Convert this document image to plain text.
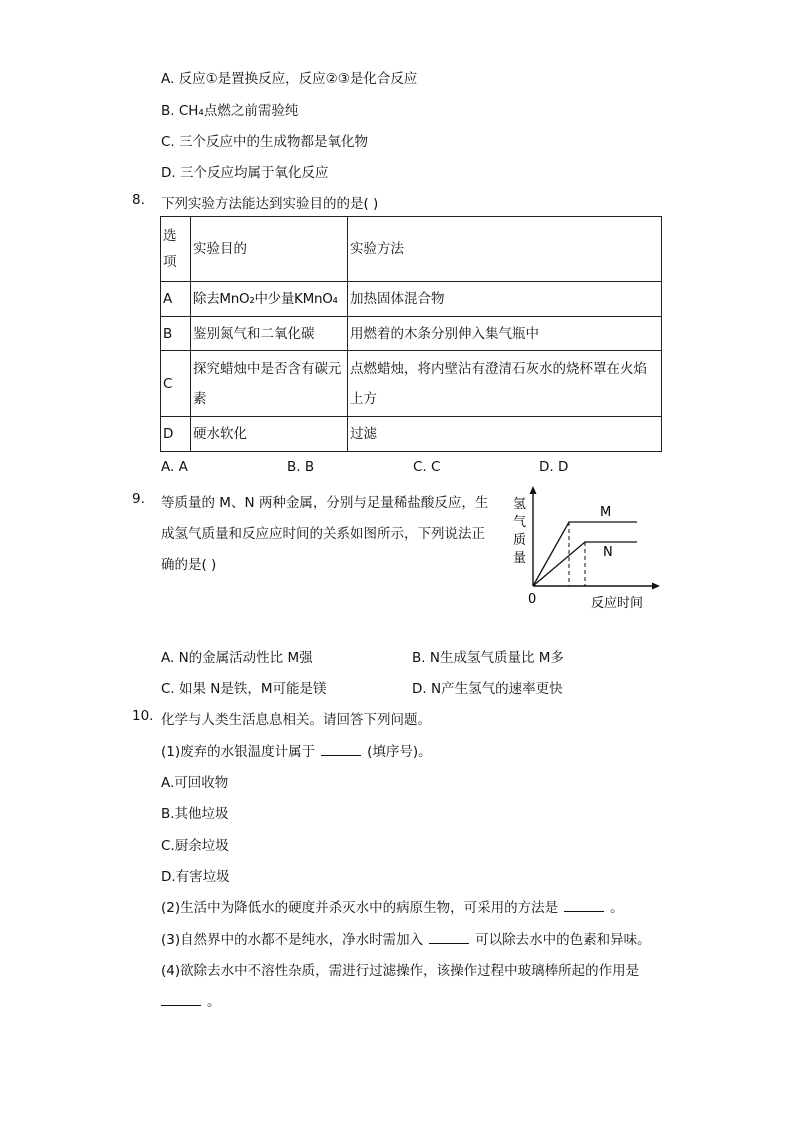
A. 反应①是置换反应，反应②③是化合反应
B. CH₄点燃之前需验纯
C. 三个反应中的生成物都是氧化物
D. 三个反应均属于氧化反应
8. 下列实验方法能达到实验目的的是( )
选项	实验目的	实验方法
A	除去MnO₂中少量KMnO₄	加热固体混合物
B	鉴别氮气和二氧化碳	用燃着的木条分别伸入集气瓶中
C	探究蜡烛中是否含有碳元素	点燃蜡烛，将内壁沾有澄清石灰水的烧杯罩在火焰上方
D	硬水软化	过滤
A. A	B. B	C. C	D. D
9. 等质量的 M、N 两种金属，分别与足量稀盐酸反应，生
成氢气质量和反应应时间的关系如图所示，下列说法正
确的是( )
氢
气
质
量
0	反应时间
M
N
A. N的金属活动性比 M强	B. N生成氢气质量比 M多
C. 如果 N是铁，M可能是镁	D. N产生氢气的速率更快
10. 化学与人类生活息息相关。请回答下列问题。
(1)废弃的水银温度计属于	(填序号)。
A.可回收物
B.其他垃圾
C.厨余垃圾
D.有害垃圾
(2)生活中为降低水的硬度并杀灭水中的病原生物，可采用的方法是	。
(3)自然界中的水都不是纯水，净水时需加入	可以除去水中的色素和异味。
(4)欲除去水中不溶性杂质，需进行过滤操作，该操作过程中玻璃棒所起的作用是
。
